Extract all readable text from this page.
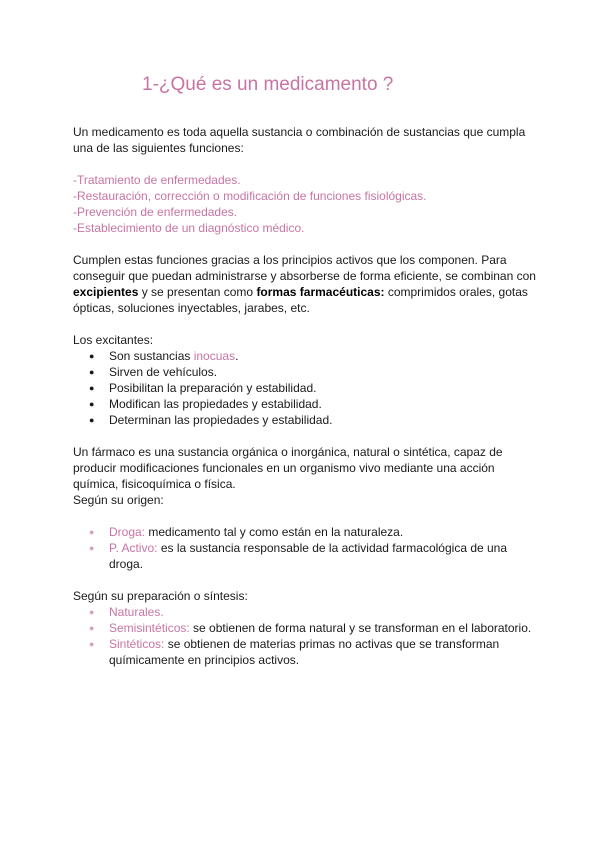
1-¿Qué es un medicamento ?

Un medicamento es toda aquella sustancia o combinación de sustancias que cumpla una de las siguientes funciones:

-Tratamiento de enfermedades.

-Restauración, corrección o modificación de funciones fisiológicas.

-Prevención de enfermedades.

-Establecimiento de un diagnóstico médico.

Cumplen estas funciones gracias a los principios activos que los componen. Para conseguir que puedan administrarse y absorberse de forma eficiente, se combinan con excipientes y se presentan como formas farmacéuticas: comprimidos orales, gotas ópticas, soluciones inyectables, jarabes, etc.

Los excitantes:

● Son sustancias inocuas.
● Sirven de vehículos.
● Posibilitan la preparación y estabilidad.
● Modifican las propiedades y estabilidad.
● Determinan las propiedades y estabilidad.

Un fármaco es una sustancia orgánica o inorgánica, natural o sintética, capaz de producir modificaciones funcionales en un organismo vivo mediante una acción química, fisicoquímica o física.

Según su origen:

● Droga: medicamento tal y como están en la naturaleza.
● P. Activo: es la sustancia responsable de la actividad farmacológica de una droga.

Según su preparación o síntesis:

● Naturales.
● Semisintéticos: se obtienen de forma natural y se transforman en el laboratorio.
● Sintéticos: se obtienen de materias primas no activas que se transforman químicamente en principios activos.
